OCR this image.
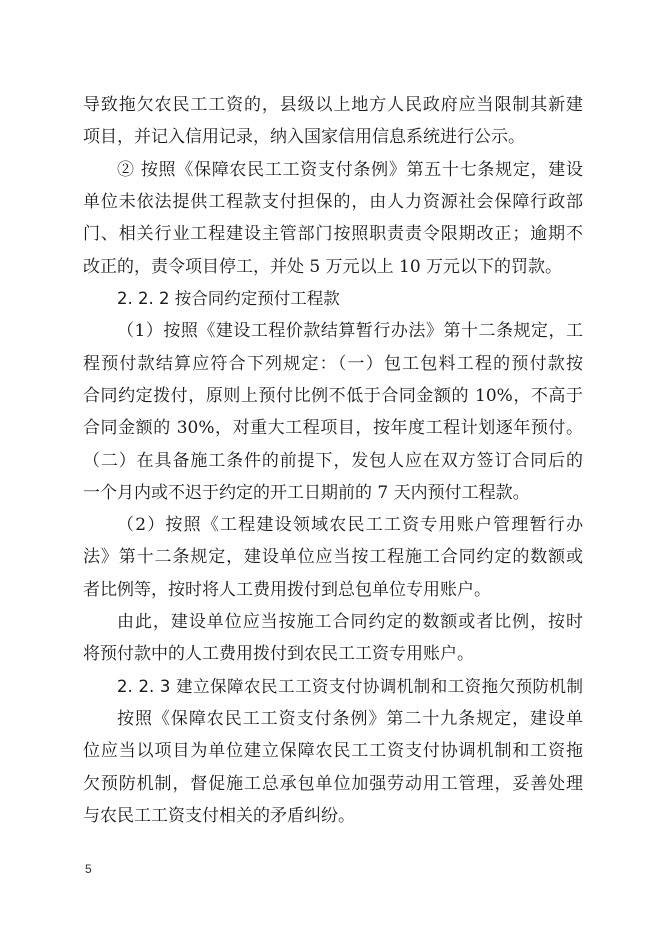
导致拖欠农民工工资的，县级以上地方人民政府应当限制其新建
项目，并记入信用记录，纳入国家信用信息系统进行公示。
② 按照《保障农民工工资支付条例》第五十七条规定，建设
单位未依法提供工程款支付担保的，由人力资源社会保障行政部
门、相关行业工程建设主管部门按照职责责令限期改正；逾期不
改正的，责令项目停工，并处 5 万元以上 10 万元以下的罚款。
2. 2. 2 按合同约定预付工程款
（1）按照《建设工程价款结算暂行办法》第十二条规定，工
程预付款结算应符合下列规定：（一）包工包料工程的预付款按
合同约定拨付，原则上预付比例不低于合同金额的 10%，不高于
合同金额的 30%，对重大工程项目，按年度工程计划逐年预付。
（二）在具备施工条件的前提下，发包人应在双方签订合同后的
一个月内或不迟于约定的开工日期前的 7 天内预付工程款。
（2）按照《工程建设领域农民工工资专用账户管理暂行办
法》第十二条规定，建设单位应当按工程施工合同约定的数额或
者比例等，按时将人工费用拨付到总包单位专用账户。
由此，建设单位应当按施工合同约定的数额或者比例，按时
将预付款中的人工费用拨付到农民工工资专用账户。
2. 2. 3 建立保障农民工工资支付协调机制和工资拖欠预防机制
按照《保障农民工工资支付条例》第二十九条规定，建设单
位应当以项目为单位建立保障农民工工资支付协调机制和工资拖
欠预防机制，督促施工总承包单位加强劳动用工管理，妥善处理
与农民工工资支付相关的矛盾纠纷。
5
